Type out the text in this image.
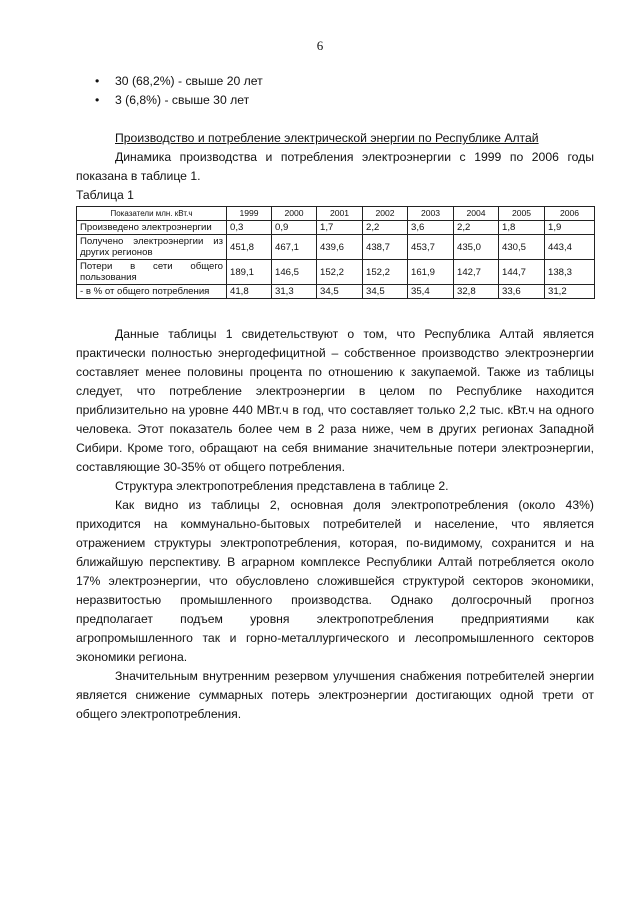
6
• 30 (68,2%) - свыше 20 лет
• 3 (6,8%) - свыше 30 лет
Производство и потребление электрической энергии по Республике Алтай

Динамика производства и потребления электроэнергии с 1999 по 2006 годы показана в таблице 1.

Таблица 1

Показатели млн. кВт.ч	1999	2000	2001	2002	2003	2004	2005	2006
Произведено электроэнергии	0,3	0,9	1,7	2,2	3,6	2,2	1,8	1,9
Получено электроэнергии из других регионов	451,8	467,1	439,6	438,7	453,7	435,0	430,5	443,4
Потери в сети общего пользования	189,1	146,5	152,2	152,2	161,9	142,7	144,7	138,3
- в % от общего потребления	41,8	31,3	34,5	34,5	35,4	32,8	33,6	31,2

Данные таблицы 1 свидетельствуют о том, что Республика Алтай является практически полностью энергодефицитной – собственное производство электроэнергии составляет менее половины процента по отношению к закупаемой. Также из таблицы следует, что потребление электроэнергии в целом по Республике находится приблизительно на уровне 440 МВт.ч в год, что составляет только 2,2 тыс. кВт.ч на одного человека. Этот показатель более чем в 2 раза ниже, чем в других регионах Западной Сибири. Кроме того, обращают на себя внимание значительные потери электроэнергии, составляющие 30-35% от общего потребления.

Структура электропотребления представлена в таблице 2.

Как видно из таблицы 2, основная доля электропотребления (около 43%) приходится на коммунально-бытовых потребителей и население, что является отражением структуры электропотребления, которая, по-видимому, сохранится и на ближайшую перспективу. В аграрном комплексе Республики Алтай потребляется около 17% электроэнергии, что обусловлено сложившейся структурой секторов экономики, неразвитостью промышленного производства. Однако долгосрочный прогноз предполагает подъем уровня электропотребления предприятиями как агропромышленного так и горно-металлургического и лесопромышленного секторов экономики региона.

Значительным внутренним резервом улучшения снабжения потребителей энергии является снижение суммарных потерь электроэнергии достигающих одной трети от общего электропотребления.
